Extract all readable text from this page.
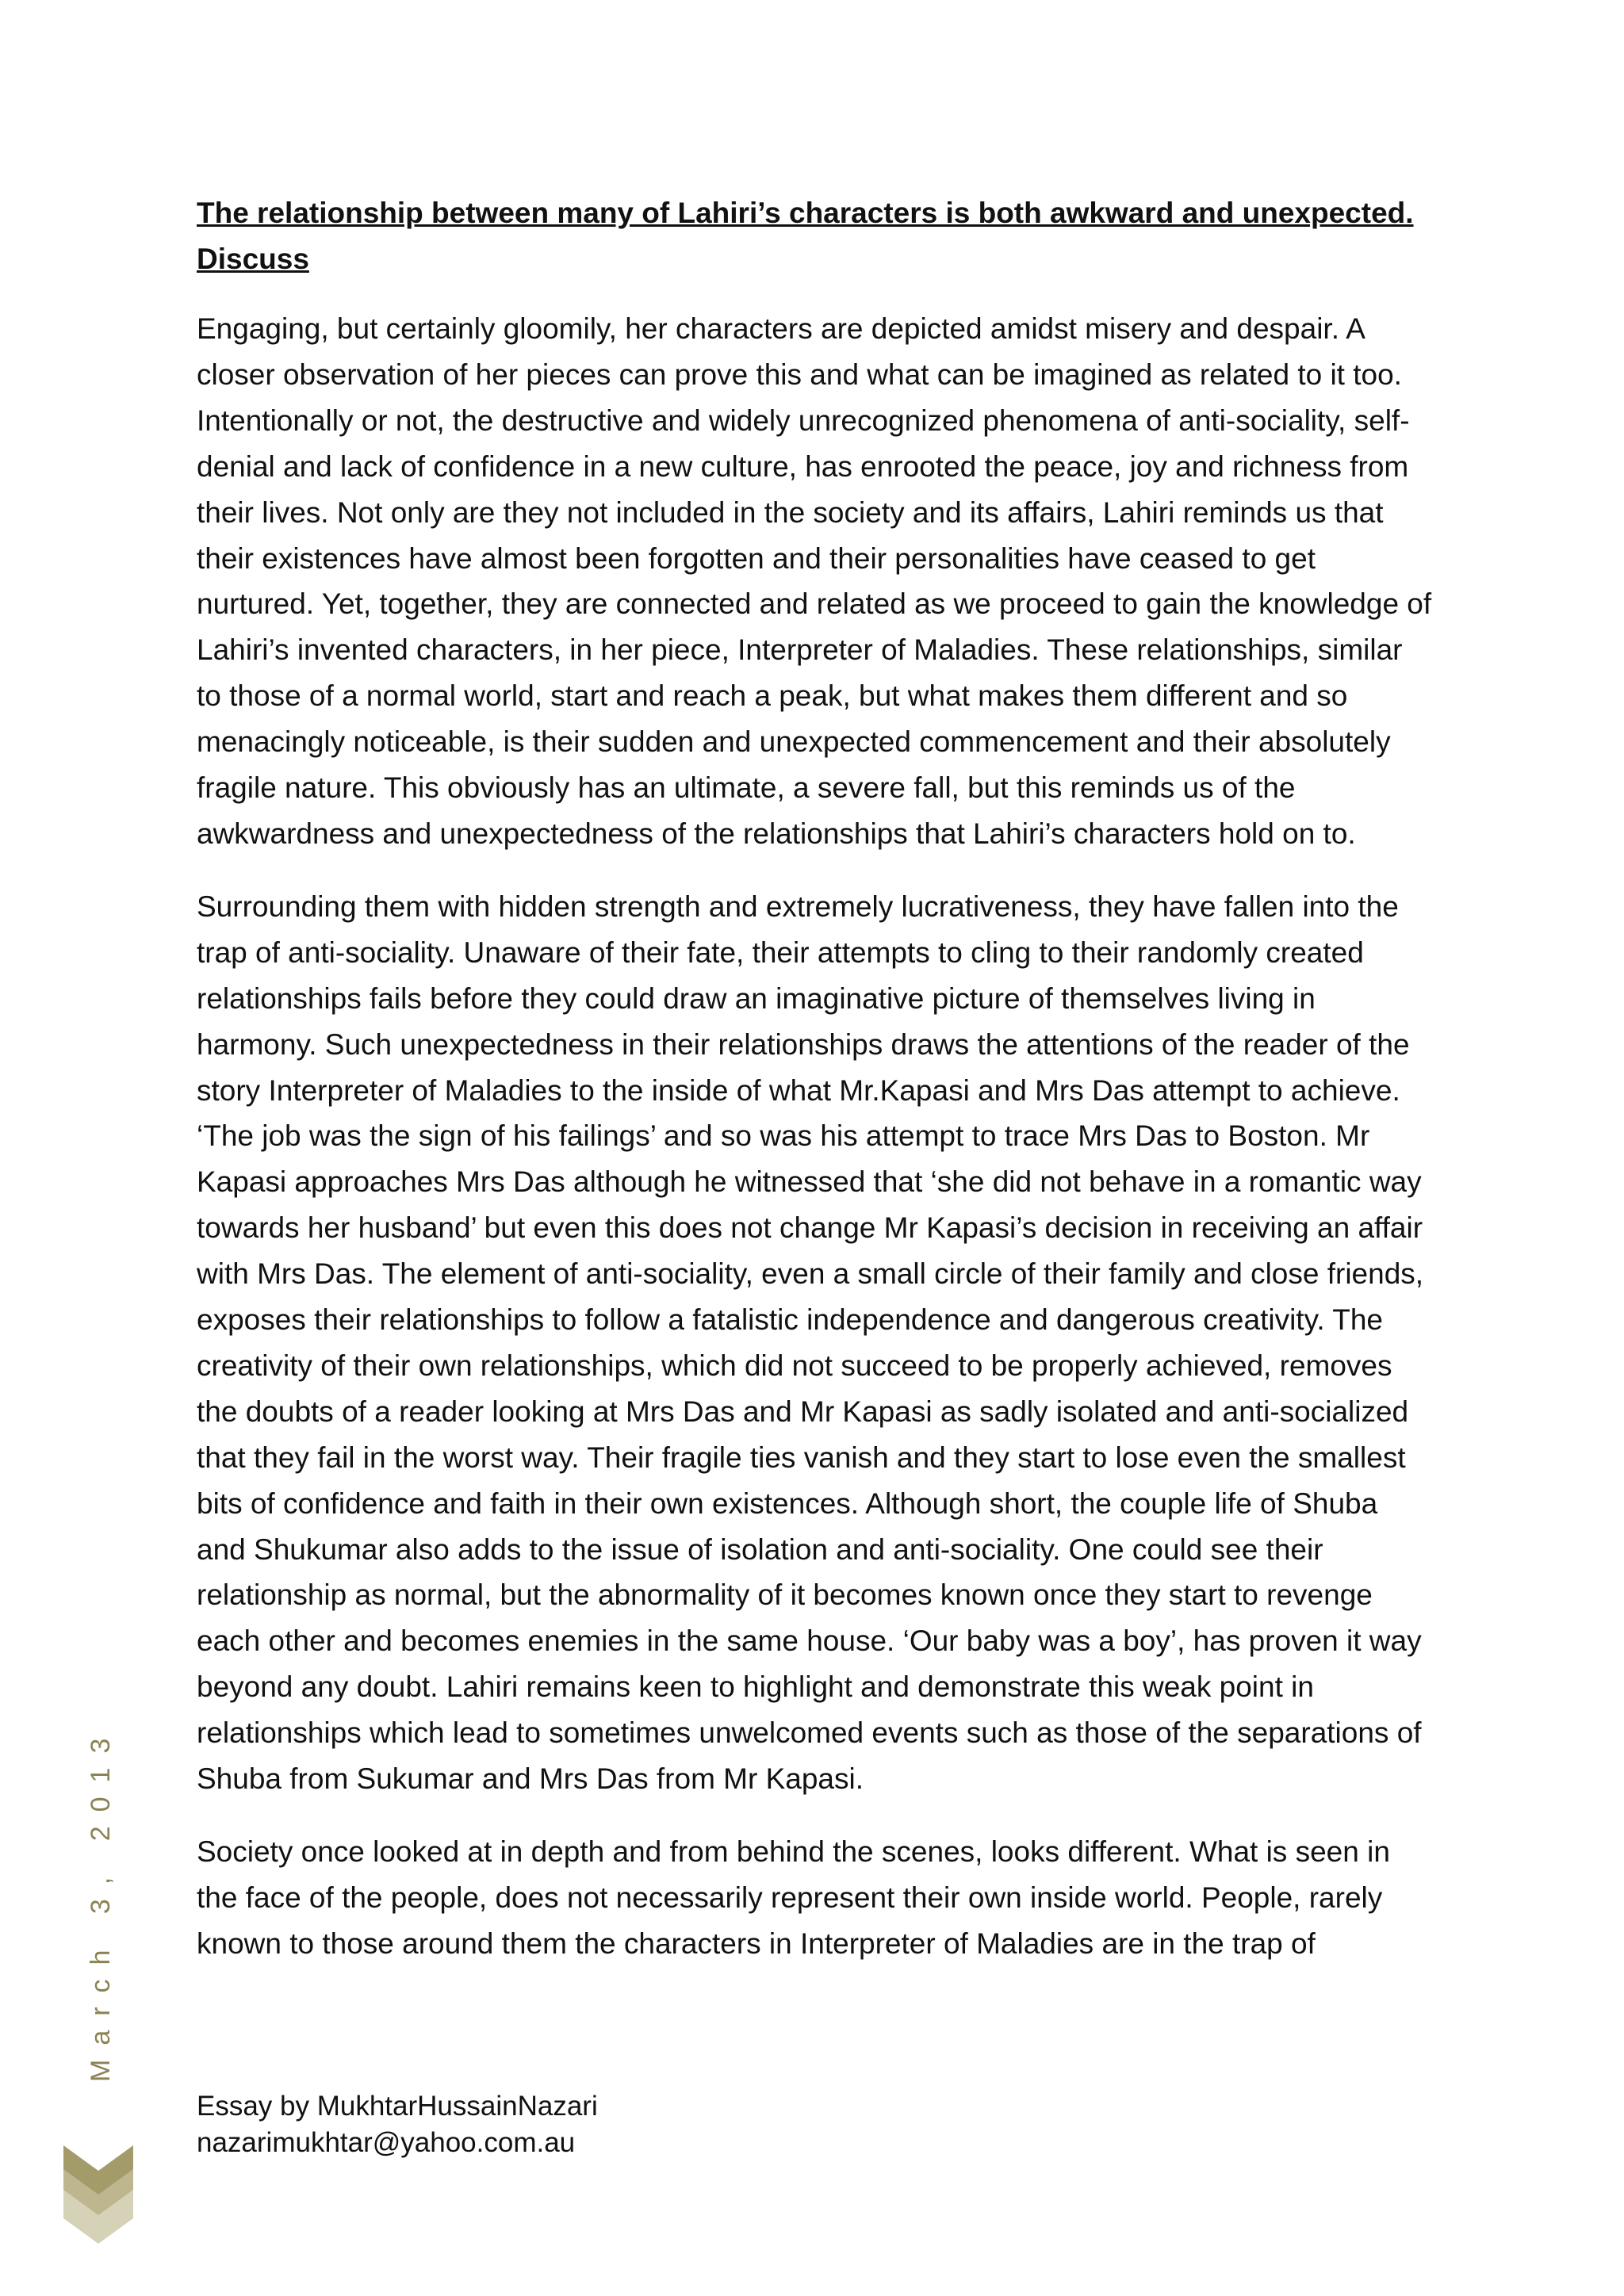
The relationship between many of Lahiri’s characters is both awkward and unexpected. Discuss
Engaging, but certainly gloomily, her characters are depicted amidst misery and despair. A closer observation of her pieces can prove this and what can be imagined as related to it too. Intentionally or not, the destructive and widely unrecognized phenomena of anti-sociality, self-denial and lack of confidence in a new culture, has enrooted the peace, joy and richness from their lives. Not only are they not included in the society and its affairs, Lahiri reminds us that their existences have almost been forgotten and their personalities have ceased to get nurtured. Yet, together, they are connected and related as we proceed to gain the knowledge of Lahiri’s invented characters, in her piece, Interpreter of Maladies. These relationships, similar to those of a normal world, start and reach a peak, but what makes them different and so menacingly noticeable, is their sudden and unexpected commencement and their absolutely fragile nature. This obviously has an ultimate, a severe fall, but this reminds us of the awkwardness and unexpectedness of the relationships that Lahiri’s characters hold on to.
Surrounding them with hidden strength and extremely lucrativeness, they have fallen into the trap of anti-sociality. Unaware of their fate, their attempts to cling to their randomly created relationships fails before they could draw an imaginative picture of themselves living in harmony. Such unexpectedness in their relationships draws the attentions of the reader of the story Interpreter of Maladies to the inside of what Mr.Kapasi and Mrs Das attempt to achieve. ‘The job was the sign of his failings’ and so was his attempt to trace Mrs Das to Boston. Mr Kapasi approaches Mrs Das although he witnessed that ‘she did not behave in a romantic way towards her husband’ but even this does not change Mr Kapasi’s decision in receiving an affair with Mrs Das. The element of anti-sociality, even a small circle of their family and close friends, exposes their relationships to follow a fatalistic independence and dangerous creativity. The creativity of their own relationships, which did not succeed to be properly achieved, removes the doubts of a reader looking at Mrs Das and Mr Kapasi as sadly isolated and anti-socialized that they fail in the worst way. Their fragile ties vanish and they start to lose even the smallest bits of confidence and faith in their own existences. Although short, the couple life of Shuba and Shukumar also adds to the issue of isolation and anti-sociality. One could see their relationship as normal, but the abnormality of it becomes known once they start to revenge each other and becomes enemies in the same house. ‘Our baby was a boy’, has proven it way beyond any doubt. Lahiri remains keen to highlight and demonstrate this weak point in relationships which lead to sometimes unwelcomed events such as those of the separations of Shuba from Sukumar and Mrs Das from Mr Kapasi.
Society once looked at in depth and from behind the scenes, looks different. What is seen in the face of the people, does not necessarily represent their own inside world. People, rarely known to those around them the characters in Interpreter of Maladies are in the trap of
Essay by MukhtarHussainNazari
nazarimukhtar@yahoo.com.au
March 3, 2013
